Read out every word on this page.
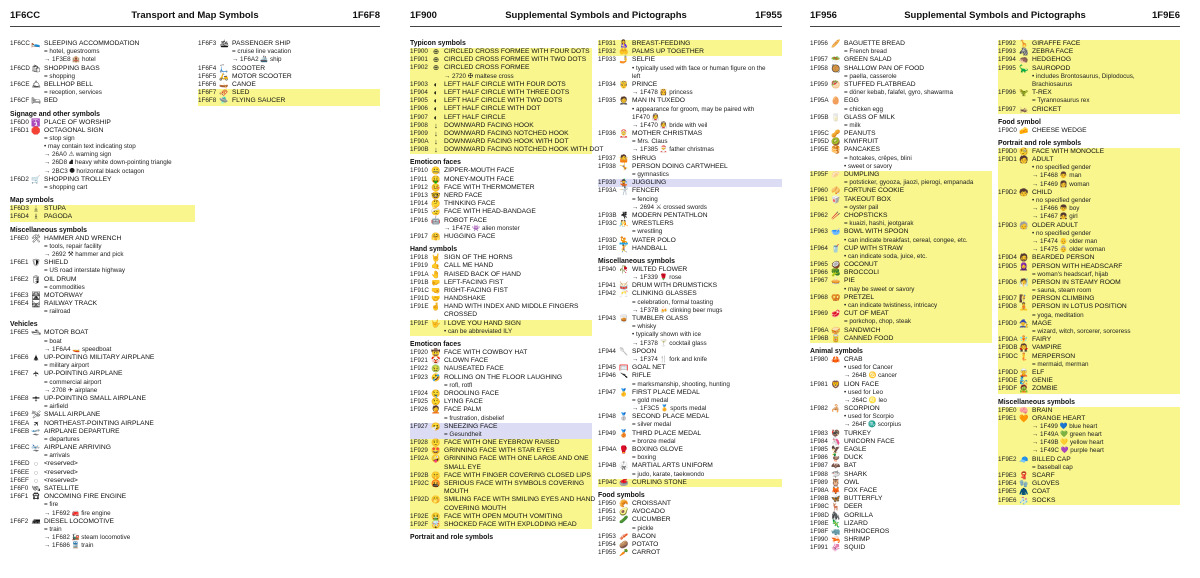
1F6CC	Transport and Map Symbols	1F6F8
1F6CC 🛌 SLEEPING ACCOMMODATION
= hotel, guestrooms
→ 1F3E8 🏨 hotel
1F6CD 🛍 SHOPPING BAGS
= shopping
1F6CE 🛎 BELLHOP BELL
= reception, services
1F6CF 🛏 BED
Signage and other symbols
1F6D0 🛐 PLACE OF WORSHIP
1F6D1 🛑 OCTAGONAL SIGN
= stop sign
• may contain text indicating stop
→ 26A0 ⚠ warning sign
→ 26D8 ⛘ heavy white down-pointing triangle
→ 2BC3 ⯃ horizontal black octagon
1F6D2 🛒 SHOPPING TROLLEY
= shopping cart
Map symbols
1F6D3 🛓 STUPA
1F6D4 🛔 PAGODA
Miscellaneous symbols
1F6E0 🛠 HAMMER AND WRENCH
= tools, repair facility
→ 2692 ⚒ hammer and pick
1F6E1 🛡 SHIELD
= US road interstate highway
1F6E2 🛢 OIL DRUM
= commodities
1F6E3 🛣 MOTORWAY
1F6E4 🛤 RAILWAY TRACK
= railroad
Vehicles
1F6E5 🛥 MOTOR BOAT
= boat
→ 1F6A4 🚤 speedboat
1F6E6 🛦 UP-POINTING MILITARY AIRPLANE
= military airport
1F6E7 🛧 UP-POINTING AIRPLANE
= commercial airport
→ 2708 ✈ airplane
1F6E8 🛨 UP-POINTING SMALL AIRPLANE
= airfield
1F6E9 🛩 SMALL AIRPLANE
1F6EA 🛪 NORTHEAST-POINTING AIRPLANE
1F6EB 🛫 AIRPLANE DEPARTURE
= departures
1F6EC 🛬 AIRPLANE ARRIVING
= arrivals
1F6ED ◌ <reserved>
1F6EE ◌ <reserved>
1F6EF ◌ <reserved>
1F6F0 🛰 SATELLITE
1F6F1 🛱 ONCOMING FIRE ENGINE
= fire
→ 1F692 🚒 fire engine
1F6F2 🛲 DIESEL LOCOMOTIVE
= train
→ 1F682 🚂 steam locomotive
→ 1F686 🚆 train
1F6F3 🛳 PASSENGER SHIP
= cruise line vacation
→ 1F6A2 🚢 ship
1F6F4 🛴 SCOOTER
1F6F5 🛵 MOTOR SCOOTER
1F6F6 🛶 CANOE
1F6F7 🛷 SLED
1F6F8 🛸 FLYING SAUCER
1F900	Supplemental Symbols and Pictographs	1F955
Typicon symbols
1F900 ⊕ CIRCLED CROSS FORMEE WITH FOUR DOTS
1F901 ⊕ CIRCLED CROSS FORMEE WITH TWO DOTS
1F902 ⊕ CIRCLED CROSS FORMEE
→ 2720 ✠ maltese cross
1F903 ◐ LEFT HALF CIRCLE WITH FOUR DOTS
1F904 ◐ LEFT HALF CIRCLE WITH THREE DOTS
1F905 ◐ LEFT HALF CIRCLE WITH TWO DOTS
1F906 ◐ LEFT HALF CIRCLE WITH DOT
1F907 ◐ LEFT HALF CIRCLE
1F908 ↓ DOWNWARD FACING HOOK
1F909 ↓ DOWNWARD FACING NOTCHED HOOK
1F90A ↓ DOWNWARD FACING HOOK WITH DOT
1F90B ↓ DOWNWARD FACING NOTCHED HOOK WITH DOT
Emoticon faces
1F910 🤐 ZIPPER-MOUTH FACE
1F911 🤑 MONEY-MOUTH FACE
1F912 🤒 FACE WITH THERMOMETER
1F913 🤓 NERD FACE
1F914 🤔 THINKING FACE
1F915 🤕 FACE WITH HEAD-BANDAGE
1F916 🤖 ROBOT FACE
→ 1F47E 👾 alien monster
1F917 🤗 HUGGING FACE
Hand symbols
1F918 🤘 SIGN OF THE HORNS
1F919 🤙 CALL ME HAND
1F91A 🤚 RAISED BACK OF HAND
1F91B 🤛 LEFT-FACING FIST
1F91C 🤜 RIGHT-FACING FIST
1F91D 🤝 HANDSHAKE
1F91E 🤞 HAND WITH INDEX AND MIDDLE FINGERS
CROSSED
1F91F 🤟 I LOVE YOU HAND SIGN
• can be abbreviated ILY
Emoticon faces
1F920 🤠 FACE WITH COWBOY HAT
1F921 🤡 CLOWN FACE
1F922 🤢 NAUSEATED FACE
1F923 🤣 ROLLING ON THE FLOOR LAUGHING
= rofl, rotfl
1F924 🤤 DROOLING FACE
1F925 🤥 LYING FACE
1F926 🤦 FACE PALM
= frustration, disbelief
1F927 🤧 SNEEZING FACE
= Gesundheit
1F928 🤨 FACE WITH ONE EYEBROW RAISED
1F929 🤩 GRINNING FACE WITH STAR EYES
1F92A 🤪 GRINNING FACE WITH ONE LARGE AND ONE
SMALL EYE
1F92B 🤫 FACE WITH FINGER COVERING CLOSED LIPS
1F92C 🤬 SERIOUS FACE WITH SYMBOLS COVERING
MOUTH
1F92D 🤭 SMILING FACE WITH SMILING EYES AND HAND
COVERING MOUTH
1F92E 🤮 FACE WITH OPEN MOUTH VOMITING
1F92F 🤯 SHOCKED FACE WITH EXPLODING HEAD
Portrait and role symbols
1F931 🤱 BREAST-FEEDING
1F932 🤲 PALMS UP TOGETHER
1F933 🤳 SELFIE
• typically used with face or human figure on the
left
1F934 🤴 PRINCE
→ 1F478 👸 princess
1F935 🤵 MAN IN TUXEDO
• appearance for groom, may be paired with
1F470 👰
→ 1F470 👰 bride with veil
1F936 🤶 MOTHER CHRISTMAS
= Mrs. Claus
→ 1F385 🎅 father christmas
1F937 🤷 SHRUG
1F938 🤸 PERSON DOING CARTWHEEL
= gymnastics
1F939 🤹 JUGGLING
1F93A 🤺 FENCER
= fencing
→ 2694 ⚔ crossed swords
1F93B 🤻 MODERN PENTATHLON
1F93C 🤼 WRESTLERS
= wrestling
1F93D 🤽 WATER POLO
1F93E 🤾 HANDBALL
Miscellaneous symbols
1F940 🥀 WILTED FLOWER
→ 1F339 🌹 rose
1F941 🥁 DRUM WITH DRUMSTICKS
1F942 🥂 CLINKING GLASSES
= celebration, formal toasting
→ 1F37B 🍻 clinking beer mugs
1F943 🥃 TUMBLER GLASS
= whisky
• typically shown with ice
→ 1F378 🍸 cocktail glass
1F944 🥄 SPOON
→ 1F374 🍴 fork and knife
1F945 🥅 GOAL NET
1F946 🥆 RIFLE
= marksmanship, shooting, hunting
1F947 🥇 FIRST PLACE MEDAL
= gold medal
→ 1F3C5 🏅 sports medal
1F948 🥈 SECOND PLACE MEDAL
= silver medal
1F949 🥉 THIRD PLACE MEDAL
= bronze medal
1F94A 🥊 BOXING GLOVE
= boxing
1F94B 🥋 MARTIAL ARTS UNIFORM
= judo, karate, taekwondo
1F94C 🥌 CURLING STONE
Food symbols
1F950 🥐 CROISSANT
1F951 🥑 AVOCADO
1F952 🥒 CUCUMBER
= pickle
1F953 🥓 BACON
1F954 🥔 POTATO
1F955 🥕 CARROT
1F956	Supplemental Symbols and Pictographs	1F9E6
1F956 🥖 BAGUETTE BREAD
= French bread
1F957 🥗 GREEN SALAD
1F958 🥘 SHALLOW PAN OF FOOD
= paella, casserole
1F959 🥙 STUFFED FLATBREAD
= döner kebab, falafel, gyro, shawarma
1F95A 🥚 EGG
= chicken egg
1F95B 🥛 GLASS OF MILK
= milk
1F95C 🥜 PEANUTS
1F95D 🥝 KIWIFRUIT
1F95E 🥞 PANCAKES
= hotcakes, crêpes, blini
• sweet or savory
1F95F 🥟 DUMPLING
= potsticker, gyooza, jiaozi, pierogi, empanada
1F960 🥠 FORTUNE COOKIE
1F961 🥡 TAKEOUT BOX
= oyster pail
1F962 🥢 CHOPSTICKS
= kuaizi, hashi, jeotgarak
1F963 🥣 BOWL WITH SPOON
• can indicate breakfast, cereal, congee, etc.
1F964 🥤 CUP WITH STRAW
• can indicate soda, juice, etc.
1F965 🥥 COCONUT
1F966 🥦 BROCCOLI
1F967 🥧 PIE
• may be sweet or savory
1F968 🥨 PRETZEL
• can indicate twistiness, intricacy
1F969 🥩 CUT OF MEAT
= porkchop, chop, steak
1F96A 🥪 SANDWICH
1F96B 🥫 CANNED FOOD
Animal symbols
1F980 🦀 CRAB
• used for Cancer
→ 264B ♋ cancer
1F981 🦁 LION FACE
• used for Leo
→ 264C ♌ leo
1F982 🦂 SCORPION
• used for Scorpio
→ 264F ♏ scorpius
1F983 🦃 TURKEY
1F984 🦄 UNICORN FACE
1F985 🦅 EAGLE
1F986 🦆 DUCK
1F987 🦇 BAT
1F988 🦈 SHARK
1F989 🦉 OWL
1F98A 🦊 FOX FACE
1F98B 🦋 BUTTERFLY
1F98C 🦌 DEER
1F98D 🦍 GORILLA
1F98E 🦎 LIZARD
1F98F 🦏 RHINOCEROS
1F990 🦐 SHRIMP
1F991 🦑 SQUID
1F992 🦒 GIRAFFE FACE
1F993 🦓 ZEBRA FACE
1F994 🦔 HEDGEHOG
1F995 🦕 SAUROPOD
• includes Brontosaurus, Diplodocus,
Brachiosaurus
1F996 🦖 T-REX
= Tyrannosaurus rex
1F997 🦗 CRICKET
Food symbol
1F9C0 🧀 CHEESE WEDGE
Portrait and role symbols
1F9D0 🧐 FACE WITH MONOCLE
1F9D1 🧑 ADULT
• no specified gender
→ 1F468 👨 man
→ 1F469 👩 woman
1F9D2 🧒 CHILD
• no specified gender
→ 1F466 👦 boy
→ 1F467 👧 girl
1F9D3 🧓 OLDER ADULT
• no specified gender
→ 1F474 👴 older man
→ 1F475 👵 older woman
1F9D4 🧔 BEARDED PERSON
1F9D5 🧕 PERSON WITH HEADSCARF
= woman's headscarf, hijab
1F9D6 🧖 PERSON IN STEAMY ROOM
= sauna, steam room
1F9D7 🧗 PERSON CLIMBING
1F9D8 🧘 PERSON IN LOTUS POSITION
= yoga, meditation
1F9D9 🧙 MAGE
= wizard, witch, sorcerer, sorceress
1F9DA 🧚 FAIRY
1F9DB 🧛 VAMPIRE
1F9DC 🧜 MERPERSON
= mermaid, merman
1F9DD 🧝 ELF
1F9DE 🧞 GENIE
1F9DF 🧟 ZOMBIE
Miscellaneous symbols
1F9E0 🧠 BRAIN
1F9E1 🧡 ORANGE HEART
→ 1F499 💙 blue heart
→ 1F49A 💚 green heart
→ 1F49B 💛 yellow heart
→ 1F49C 💜 purple heart
1F9E2 🧢 BILLED CAP
= baseball cap
1F9E3 🧣 SCARF
1F9E4 🧤 GLOVES
1F9E5 🧥 COAT
1F9E6 🧦 SOCKS
